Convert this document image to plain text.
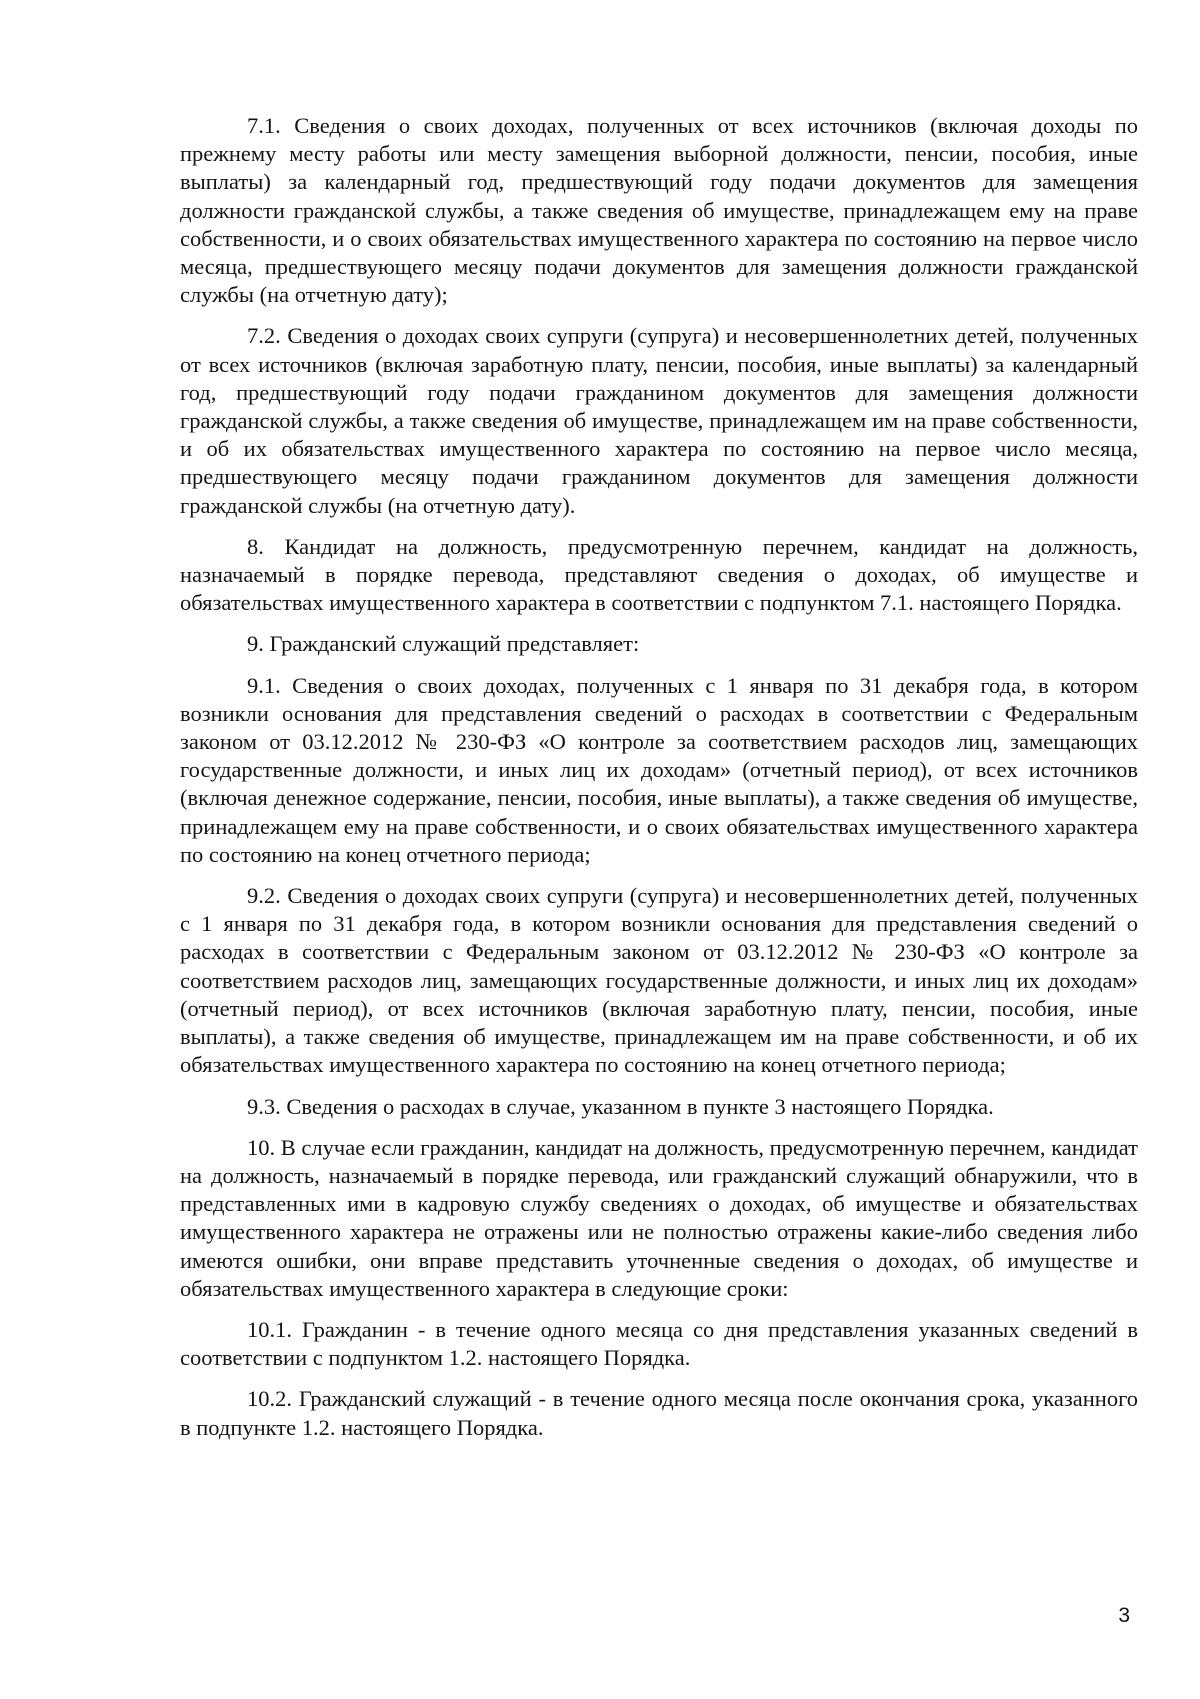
7.1. Сведения о своих доходах, полученных от всех источников (включая доходы по прежнему месту работы или месту замещения выборной должности, пенсии, пособия, иные выплаты) за календарный год, предшествующий году подачи документов для замещения должности гражданской службы, а также сведения об имуществе, принадлежащем ему на праве собственности, и о своих обязательствах имущественного характера по состоянию на первое число месяца, предшествующего месяцу подачи документов для замещения должности гражданской службы (на отчетную дату);

7.2. Сведения о доходах своих супруги (супруга) и несовершеннолетних детей, полученных от всех источников (включая заработную плату, пенсии, пособия, иные выплаты) за календарный год, предшествующий году подачи гражданином документов для замещения должности гражданской службы, а также сведения об имуществе, принадлежащем им на праве собственности, и об их обязательствах имущественного характера по состоянию на первое число месяца, предшествующего месяцу подачи гражданином документов для замещения должности гражданской службы (на отчетную дату).

8. Кандидат на должность, предусмотренную перечнем, кандидат на должность, назначаемый в порядке перевода, представляют сведения о доходах, об имуществе и обязательствах имущественного характера в соответствии с подпунктом 7.1. настоящего Порядка.

9. Гражданский служащий представляет:

9.1. Сведения о своих доходах, полученных с 1 января по 31 декабря года, в котором возникли основания для представления сведений о расходах в соответствии с Федеральным законом от 03.12.2012 № 230-ФЗ «О контроле за соответствием расходов лиц, замещающих государственные должности, и иных лиц их доходам» (отчетный период), от всех источников (включая денежное содержание, пенсии, пособия, иные выплаты), а также сведения об имуществе, принадлежащем ему на праве собственности, и о своих обязательствах имущественного характера по состоянию на конец отчетного периода;

9.2. Сведения о доходах своих супруги (супруга) и несовершеннолетних детей, полученных с 1 января по 31 декабря года, в котором возникли основания для представления сведений о расходах в соответствии с Федеральным законом от 03.12.2012 № 230-ФЗ «О контроле за соответствием расходов лиц, замещающих государственные должности, и иных лиц их доходам» (отчетный период), от всех источников (включая заработную плату, пенсии, пособия, иные выплаты), а также сведения об имуществе, принадлежащем им на праве собственности, и об их обязательствах имущественного характера по состоянию на конец отчетного периода;

9.3. Сведения о расходах в случае, указанном в пункте 3 настоящего Порядка.

10. В случае если гражданин, кандидат на должность, предусмотренную перечнем, кандидат на должность, назначаемый в порядке перевода, или гражданский служащий обнаружили, что в представленных ими в кадровую службу сведениях о доходах, об имуществе и обязательствах имущественного характера не отражены или не полностью отражены какие-либо сведения либо имеются ошибки, они вправе представить уточненные сведения о доходах, об имуществе и обязательствах имущественного характера в следующие сроки:

10.1. Гражданин - в течение одного месяца со дня представления указанных сведений в соответствии с подпунктом 1.2. настоящего Порядка.

10.2. Гражданский служащий - в течение одного месяца после окончания срока, указанного в подпункте 1.2. настоящего Порядка.

3
